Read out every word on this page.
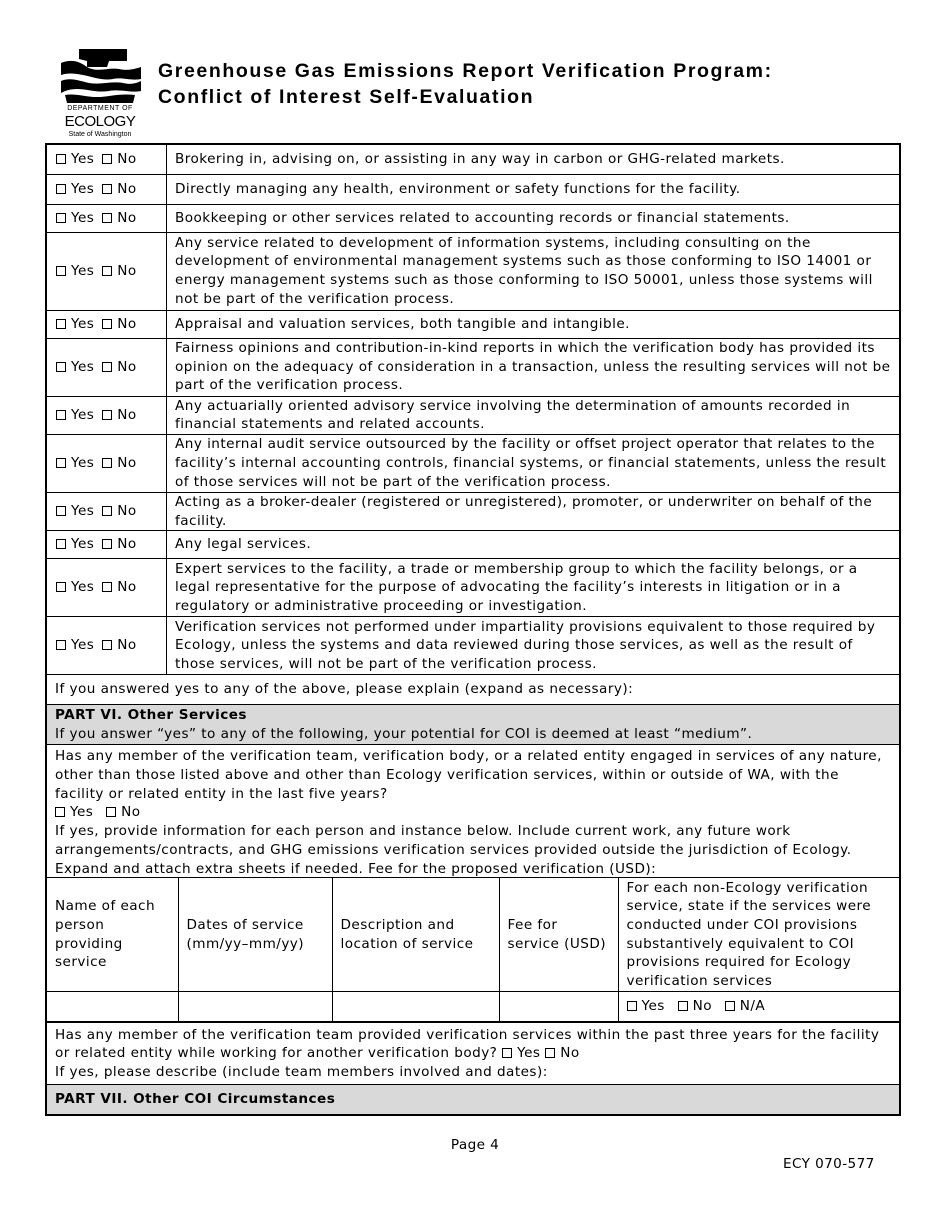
DEPARTMENT OF
ECOLOGY
State of Washington
Greenhouse Gas Emissions Report Verification Program:
Conflict of Interest Self-Evaluation
Yes No	Brokering in, advising on, or assisting in any way in carbon or GHG-related markets.
Yes No	Directly managing any health, environment or safety functions for the facility.
Yes No	Bookkeeping or other services related to accounting records or financial statements.
Yes No	Any service related to development of information systems, including consulting on the development of environmental management systems such as those conforming to ISO 14001 or energy management systems such as those conforming to ISO 50001, unless those systems will not be part of the verification process.
Yes No	Appraisal and valuation services, both tangible and intangible.
Yes No	Fairness opinions and contribution-in-kind reports in which the verification body has provided its opinion on the adequacy of consideration in a transaction, unless the resulting services will not be part of the verification process.
Yes No	Any actuarially oriented advisory service involving the determination of amounts recorded in financial statements and related accounts.
Yes No	Any internal audit service outsourced by the facility or offset project operator that relates to the facility’s internal accounting controls, financial systems, or financial statements, unless the result of those services will not be part of the verification process.
Yes No	Acting as a broker-dealer (registered or unregistered), promoter, or underwriter on behalf of the facility.
Yes No	Any legal services.
Yes No	Expert services to the facility, a trade or membership group to which the facility belongs, or a legal representative for the purpose of advocating the facility’s interests in litigation or in a regulatory or administrative proceeding or investigation.
Yes No	Verification services not performed under impartiality provisions equivalent to those required by Ecology, unless the systems and data reviewed during those services, as well as the result of those services, will not be part of the verification process.
If you answered yes to any of the above, please explain (expand as necessary):

PART VI. Other Services
If you answer “yes” to any of the following, your potential for COI is deemed at least “medium”.

Has any member of the verification team, verification body, or a related entity engaged in services of any nature, other than those listed above and other than Ecology verification services, within or outside of WA, with the facility or related entity in the last five years?
Yes No
If yes, provide information for each person and instance below. Include current work, any future work arrangements/contracts, and GHG emissions verification services provided outside the jurisdiction of Ecology. Expand and attach extra sheets if needed. Fee for the proposed verification (USD):
Name of each person providing service	Dates of service (mm/yy–mm/yy)	Description and location of service	Fee for service (USD)	For each non-Ecology verification service, state if the services were conducted under COI provisions substantively equivalent to COI provisions required for Ecology verification services
				Yes No N/A

Has any member of the verification team provided verification services within the past three years for the facility or related entity while working for another verification body? Yes No
If yes, please describe (include team members involved and dates):

PART VII. Other COI Circumstances
Page 4
ECY 070-577
